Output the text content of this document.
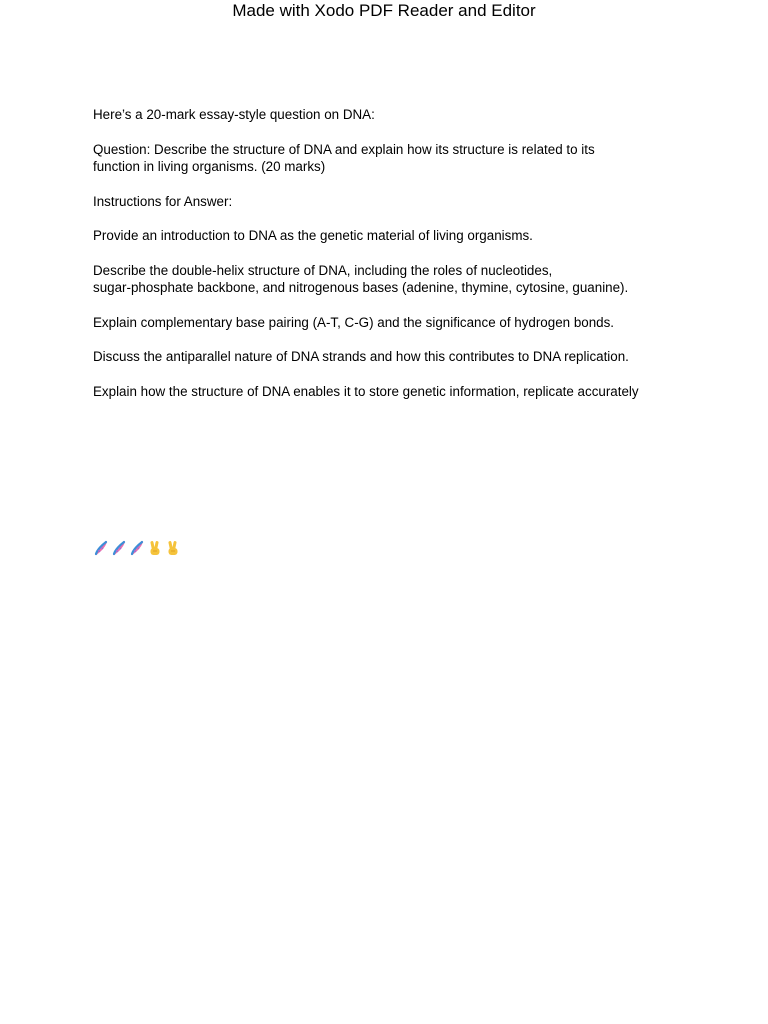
Made with Xodo PDF Reader and Editor

Here’s a 20-mark essay-style question on DNA:

Question: Describe the structure of DNA and explain how its structure is related to its
function in living organisms. (20 marks)

Instructions for Answer:

Provide an introduction to DNA as the genetic material of living organisms.

Describe the double-helix structure of DNA, including the roles of nucleotides,
sugar-phosphate backbone, and nitrogenous bases (adenine, thymine, cytosine, guanine).

Explain complementary base pairing (A-T, C-G) and the significance of hydrogen bonds.

Discuss the antiparallel nature of DNA strands and how this contributes to DNA replication.

Explain how the structure of DNA enables it to store genetic information, replicate accurately
